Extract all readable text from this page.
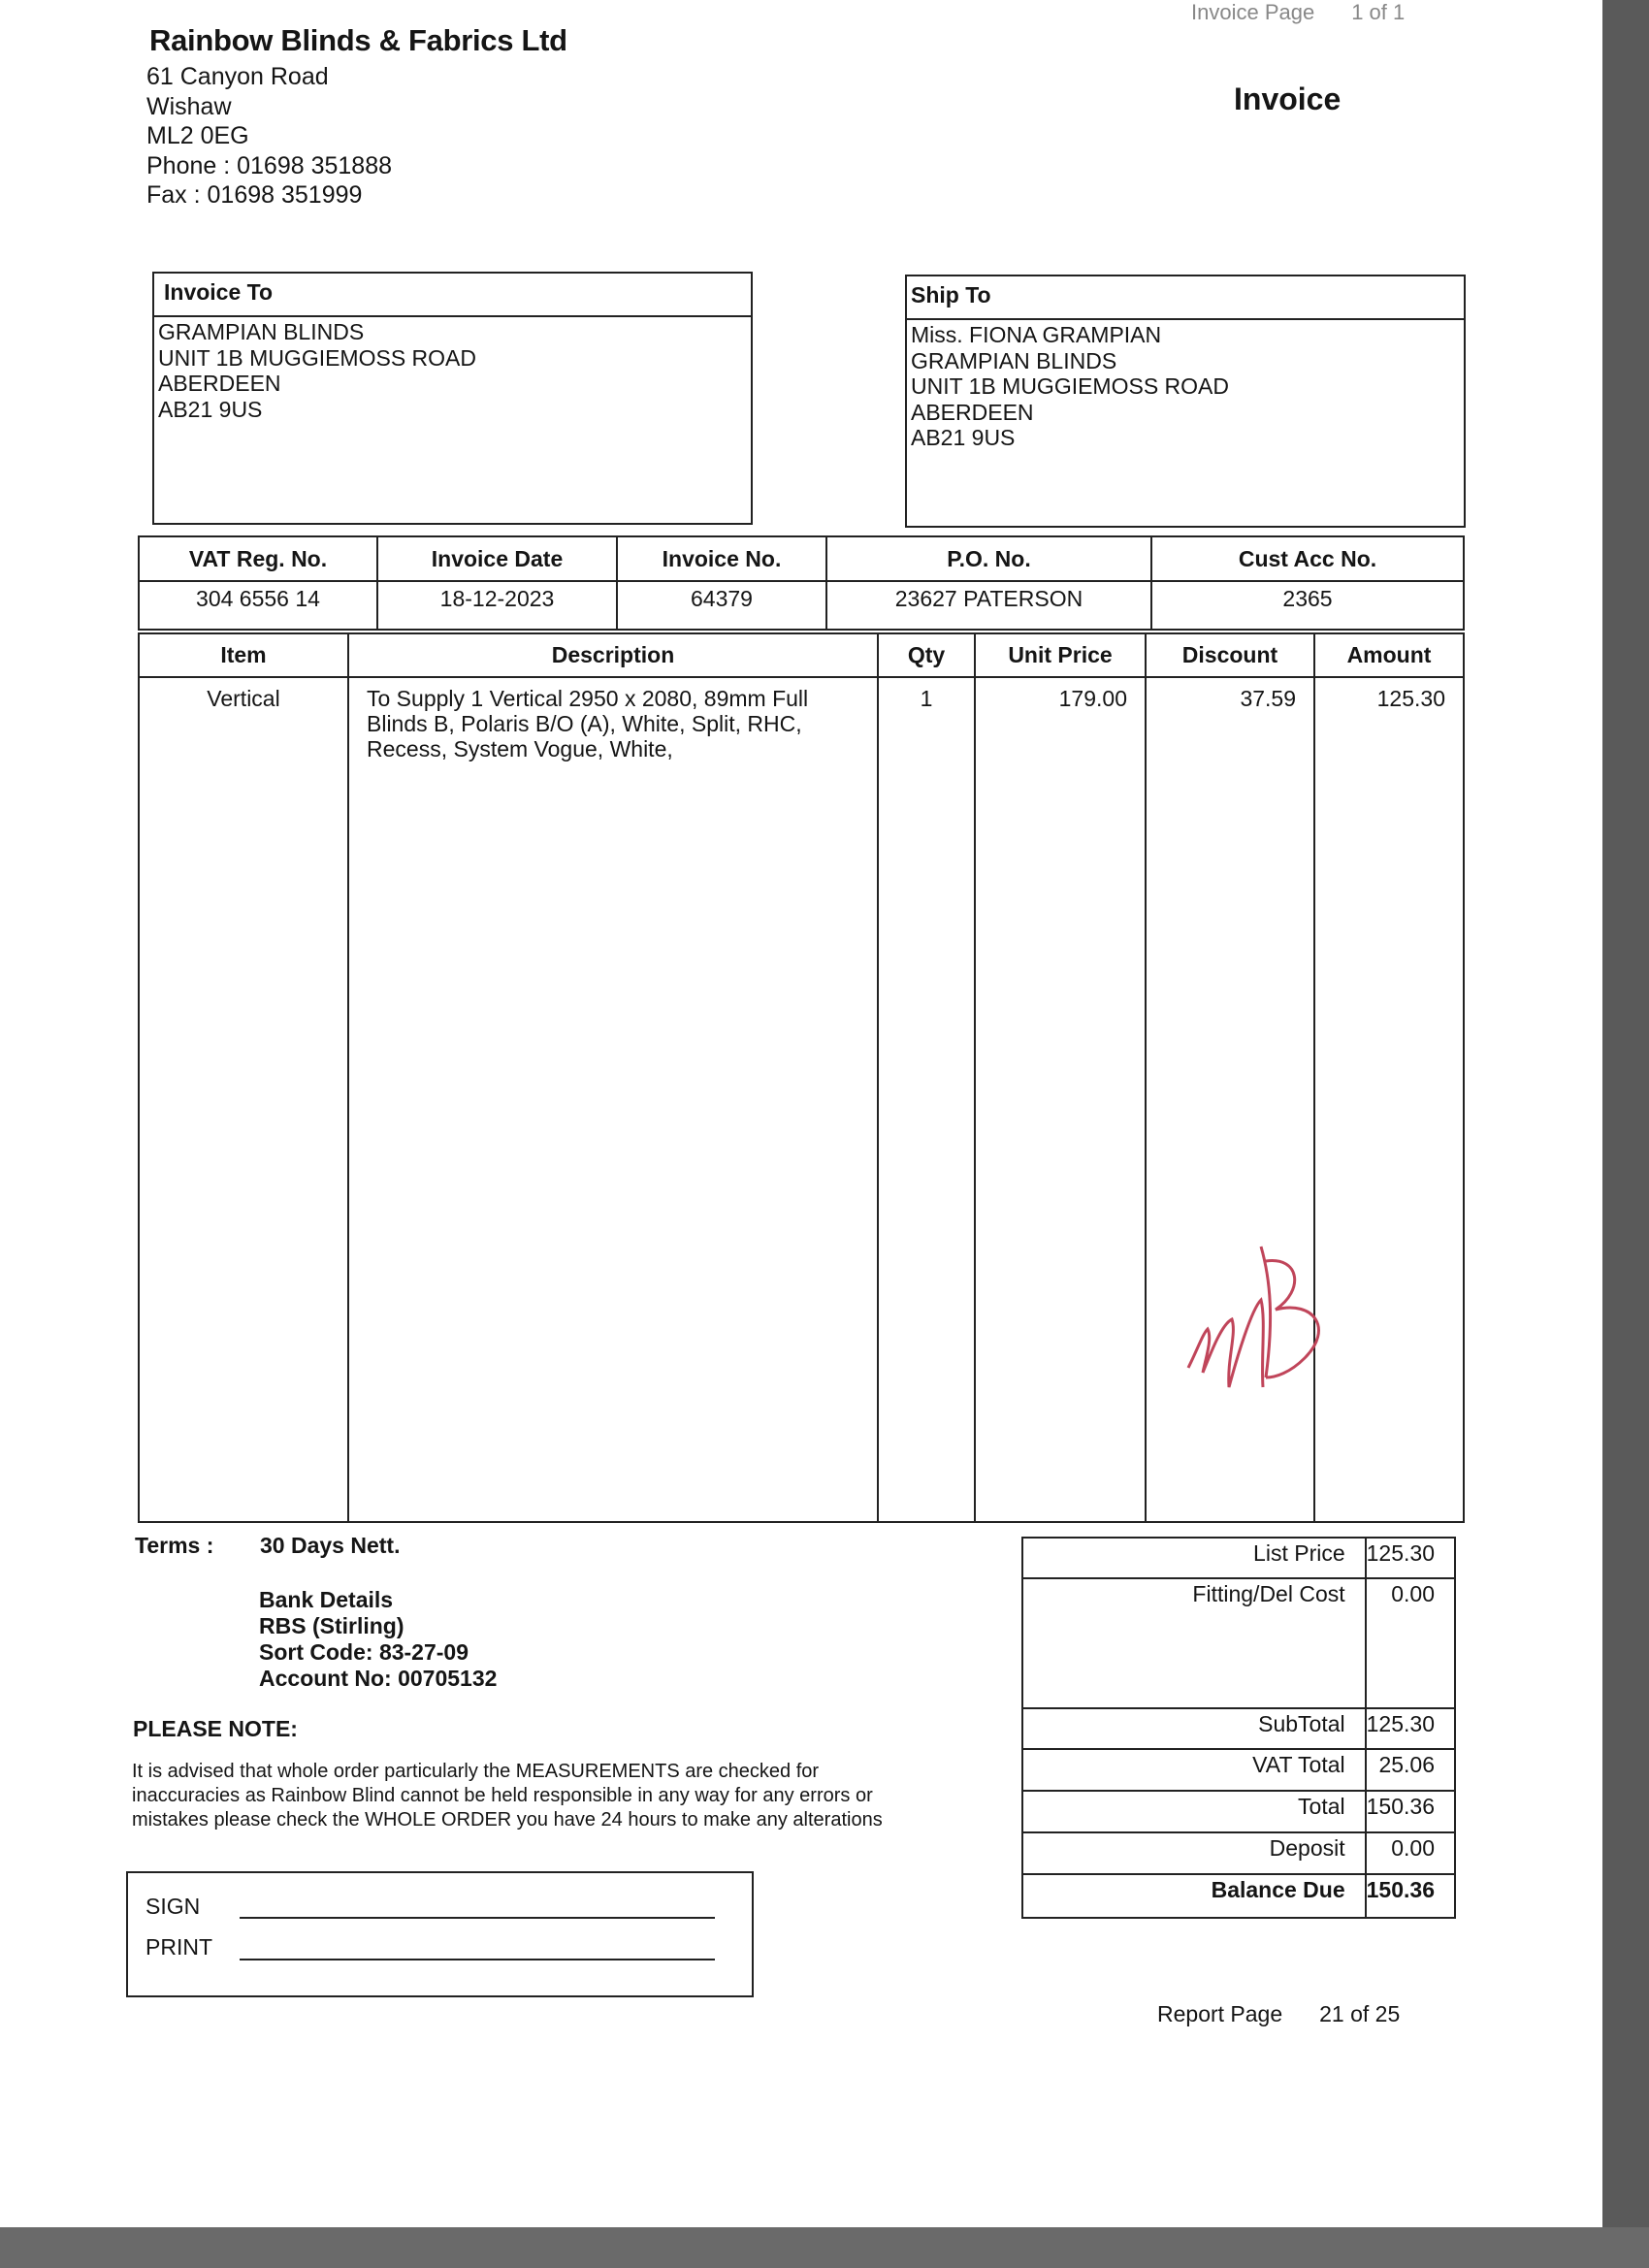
Invoice Page 1 of 1
Rainbow Blinds & Fabrics Ltd
61 Canyon Road
Wishaw
ML2 0EG
Phone : 01698 351888
Fax : 01698 351999
Invoice
Invoice To
GRAMPIAN BLINDS
UNIT 1B MUGGIEMOSS ROAD
ABERDEEN
AB21 9US
Ship To
Miss. FIONA GRAMPIAN
GRAMPIAN BLINDS
UNIT 1B MUGGIEMOSS ROAD
ABERDEEN
AB21 9US
VAT Reg. No.	Invoice Date	Invoice No.	P.O. No.	Cust Acc No.
304 6556 14	18-12-2023	64379	23627 PATERSON	2365
Item	Description	Qty	Unit Price	Discount	Amount
Vertical	To Supply 1 Vertical 2950 x 2080, 89mm Full Blinds B, Polaris B/O (A), White, Split, RHC, Recess, System Vogue, White,	1	179.00	37.59	125.30
Terms : 30 Days Nett.
Bank Details
RBS (Stirling)
Sort Code: 83-27-09
Account No: 00705132
PLEASE NOTE:
It is advised that whole order particularly the MEASUREMENTS are checked for
inaccuracies as Rainbow Blind cannot be held responsible in any way for any errors or
mistakes please check the WHOLE ORDER you have 24 hours to make any alterations
List Price	125.30
Fitting/Del Cost	0.00
SubTotal	125.30
VAT Total	25.06
Total	150.36
Deposit	0.00
Balance Due	150.36
SIGN
PRINT
Report Page 21 of 25
